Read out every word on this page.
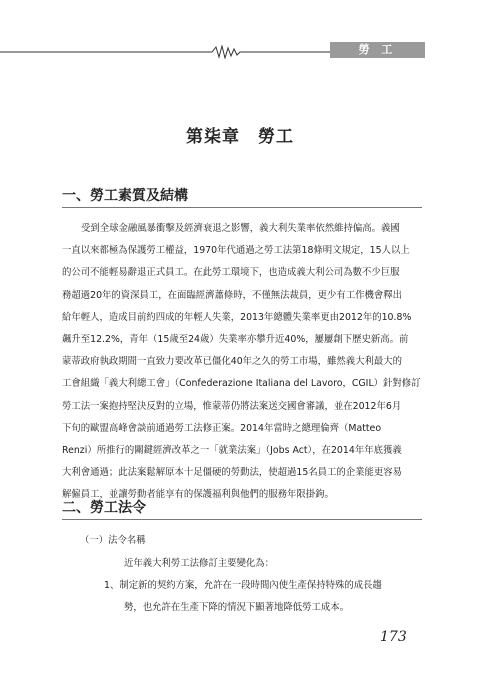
勞 工
第柒章　勞工
一、勞工素質及結構
受到全球金融風暴衝擊及經濟衰退之影響，義大利失業率依然維持偏高。義國
一直以來都極為保護勞工權益，1970年代通過之勞工法第18條明文規定，15人以上
的公司不能輕易辭退正式員工。在此勞工環境下，也造成義大利公司為數不少巨服
務超過20年的資深員工，在面臨經濟蕭條時，不僅無法裁員，更少有工作機會釋出
給年輕人，造成目前約四成的年輕人失業，2013年總體失業率更由2012年的10.8%
飆升至12.2%，青年（15歲至24歲）失業率亦攀升近40%，屢屢創下歷史新高。前
蒙蒂政府執政期間一直致力要改革已僵化40年之久的勞工市場，雖然義大利最大的
工會組織「義大利總工會」（Confederazione Italiana del Lavoro，CGIL）針對修訂
勞工法一案抱持堅決反對的立場，惟蒙蒂仍將法案送交國會審議，並在2012年6月
下旬的歐盟高峰會談前通過勞工法修正案。2014年當時之總理倫齊（Matteo
Renzi）所推行的關鍵經濟改革之一「就業法案」（Jobs Act），在2014年年底獲義
大利會通過；此法案鬆解原本十足僵硬的勞動法，使超過15名員工的企業能更容易
解僱員工，並讓勞動者能享有的保護福利與他們的服務年限掛鉤。
二、勞工法令
（一）法令名稱
近年義大利勞工法修訂主要變化為：
1、制定新的契約方案，允許在一段時間內使生產保持特殊的成長趨
勢，也允許在生產下降的情況下顯著地降低勞工成本。
173
